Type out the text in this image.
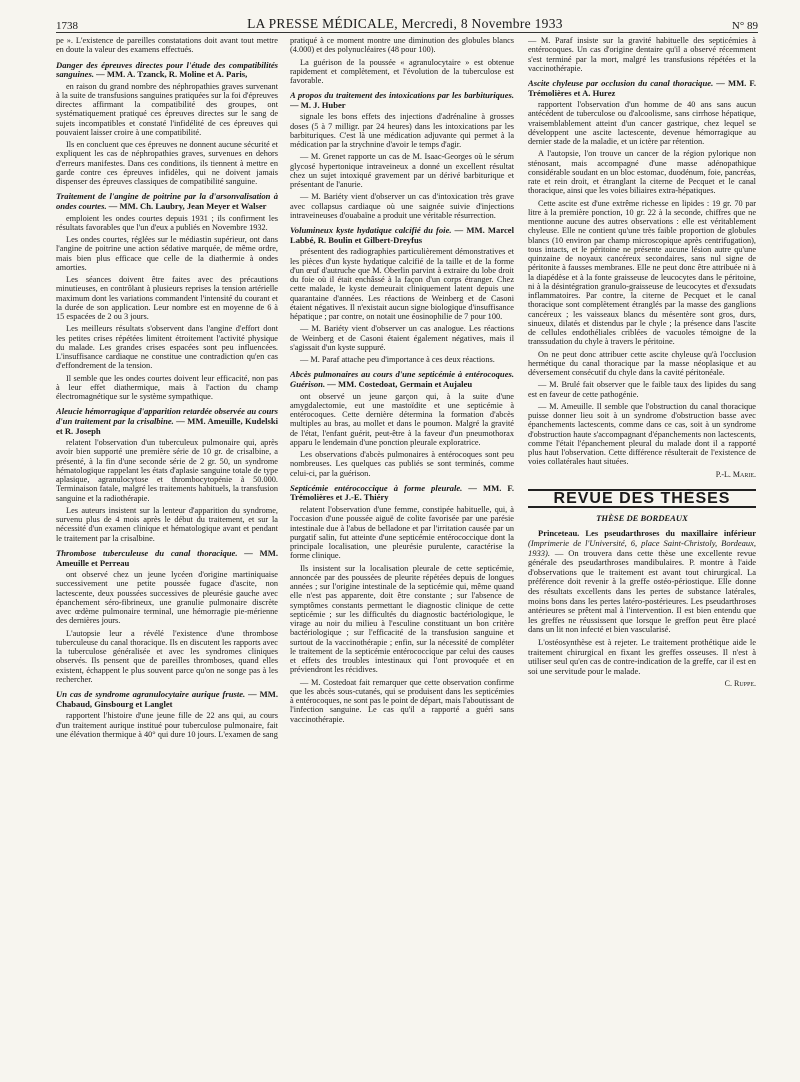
1738	LA PRESSE MÉDICALE, Mercredi, 8 Novembre 1933	N° 89

pe ». L'existence de pareilles constatations doit avant tout mettre en doute la valeur des examens effectués.

Danger des épreuves directes pour l'étude des compatibilités sanguines. — MM. A. Tzanck, R. Moline et A. Paris,

en raison du grand nombre des néphropathies graves survenant à la suite de transfusions sanguines pratiquées sur la foi d'épreuves directes affirmant la compatibilité des groupes, ont systématiquement pratiqué ces épreuves directes sur le sang de sujets incompatibles et constaté l'infidélité de ces épreuves qui pouvaient laisser croire à une compatibilité.

Ils en concluent que ces épreuves ne donnent aucune sécurité et expliquent les cas de néphropathies graves, survenues en dehors d'erreurs manifestes. Dans ces conditions, ils tiennent à mettre en garde contre ces épreuves infidèles, qui ne doivent jamais dispenser des épreuves classiques de compatibilité sanguine.

Traitement de l'angine de poitrine par la d'arsonvalisation à ondes courtes. — MM. Ch. Laubry, Jean Meyer et Walser

emploient les ondes courtes depuis 1931 ; ils confirment les résultats favorables que l'un d'eux a publiés en Novembre 1932.

Les ondes courtes, réglées sur le médiastin supérieur, ont dans l'angine de poitrine une action sédative marquée, de même ordre, mais bien plus efficace que celle de la diathermie à ondes amorties.

Les séances doivent être faites avec des précautions minutieuses, en contrôlant à plusieurs reprises la tension artérielle maximum dont les variations commandent l'intensité du courant et la durée de son application. Leur nombre est en moyenne de 6 à 15 espacées de 2 ou 3 jours.

Les meilleurs résultats s'observent dans l'angine d'effort dont les petites crises répétées limitent étroitement l'activité physique du malade. Les grandes crises espacées sont peu influencées. L'insuffisance cardiaque ne constitue une contradiction qu'en cas d'effondrement de la tension.

Il semble que les ondes courtes doivent leur efficacité, non pas à leur effet diathermique, mais à l'action du champ électromagnétique sur le système sympathique.

Aleucie hémorragique d'apparition retardée observée au cours d'un traitement par la crisalbine. — MM. Ameuille, Kudelski et R. Joseph

relatent l'observation d'un tuberculeux pulmonaire qui, après avoir bien supporté une première série de 10 gr. de crisalbine, a présenté, à la fin d'une seconde série de 2 gr. 50, un syndrome hématologique rappelant les états d'aplasie sanguine totale de type aplasique, agranulocytose et thrombocytopénie à 50.000. Terminaison fatale, malgré les traitements habituels, la transfusion sanguine et la radiothérapie.

Les auteurs insistent sur la lenteur d'apparition du syndrome, survenu plus de 4 mois après le début du traitement, et sur la nécessité d'un examen clinique et hématologique avant et pendant le traitement par la crisalbine.

Thrombose tuberculeuse du canal thoracique. — MM. Ameuille et Perreau

ont observé chez un jeune lycéen d'origine martiniquaise successivement une petite poussée fugace d'ascite, non lactescente, deux poussées successives de pleurésie gauche avec épanchement séro-fibrineux, une granulie pulmonaire discrète avec œdème pulmonaire terminal, une hémorragie pie-mérienne des dernières jours.

L'autopsie leur a révélé l'existence d'une thrombose tuberculeuse du canal thoracique. Ils en discutent les rapports avec la tuberculose généralisée et avec les syndromes cliniques observés. Ils pensent que de pareilles thromboses, quand elles existent, échappent le plus souvent parce qu'on ne songe pas à les rechercher.

Un cas de syndrome agranulocytaire aurique fruste. — MM. Chabaud, Ginsbourg et Langlet

rapportent l'histoire d'une jeune fille de 22 ans qui, au cours d'un traitement aurique institué pour tuberculose pulmonaire, fait une élévation thermique à 40° qui dure 10 jours. L'examen de sang

pratiqué à ce moment montre une diminution des globules blancs (4.000) et des polynucléaires (48 pour 100).

La guérison de la poussée « agranulocytaire » est obtenue rapidement et complètement, et l'évolution de la tuberculose est favorable.

A propos du traitement des intoxications par les barbituriques. — M. J. Huber

signale les bons effets des injections d'adrénaline à grosses doses (5 à 7 milligr. par 24 heures) dans les intoxications par les barbituriques. C'est là une médication adjuvante qui permet à la médication par la strychnine d'avoir le temps d'agir.

— M. Grenet rapporte un cas de M. Isaac-Georges où le sérum glycosé hypertonique intraveineux a donné un excellent résultat chez un sujet intoxiqué gravement par un dérivé barbiturique et présentant de l'anurie.

— M. Bariéty vient d'observer un cas d'intoxication très grave avec collapsus cardiaque où une saignée suivie d'injections intraveineuses d'ouabaïne a produit une véritable résurrection.

Volumineux kyste hydatique calcifié du foie. — MM. Marcel Labbé, R. Boulin et Gilbert-Dreyfus

présentent des radiographies particulièrement démonstratives et les pièces d'un kyste hydatique calcifié de la taille et de la forme d'un œuf d'autruche que M. Oberlin parvint à extraire du lobe droit du foie où il était enchâssé à la façon d'un corps étranger. Chez cette malade, le kyste demeurait cliniquement latent depuis une quarantaine d'années. Les réactions de Weinberg et de Casoni étaient négatives. Il n'existait aucun signe biologique d'insuffisance hépatique ; par contre, on notait une éosinophilie de 7 pour 100.

— M. Bariéty vient d'observer un cas analogue. Les réactions de Weinberg et de Casoni étaient également négatives, mais il s'agissait d'un kyste suppuré.

— M. Paraf attache peu d'importance à ces deux réactions.

Abcès pulmonaires au cours d'une septicémie à entérocoques. Guérison. — MM. Costedoat, Germain et Aujaleu

ont observé un jeune garçon qui, à la suite d'une amygdalectomie, eut une mastoïdite et une septicémie à entérocoques. Cette dernière détermina la formation d'abcès multiples au bras, au mollet et dans le poumon. Malgré la gravité de l'état, l'enfant guérit, peut-être à la faveur d'un pneumothorax apparu le lendemain d'une ponction pleurale exploratrice.

Les observations d'abcès pulmonaires à entérocoques sont peu nombreuses. Les quelques cas publiés se sont terminés, comme celui-ci, par la guérison.

Septicémie entérococcique à forme pleurale. — MM. F. Trémolières et J.-E. Thiéry

relatent l'observation d'une femme, constipée habituelle, qui, à l'occasion d'une poussée aiguë de colite favorisée par une parésie intestinale due à l'abus de belladone et par l'irritation causée par un purgatif salin, fut atteinte d'une septicémie entérococcique dont la principale localisation, une pleurésie purulente, caractérise la forme clinique.

Ils insistent sur la localisation pleurale de cette septicémie, annoncée par des poussées de pleurite répétées depuis de longues années ; sur l'origine intestinale de la septicémie qui, même quand elle n'est pas apparente, doit être constante ; sur l'absence de symptômes constants permettant le diagnostic clinique de cette septicémie ; sur les difficultés du diagnostic bactériologique, le virage au noir du milieu à l'esculine constituant un bon critère bactériologique ; sur l'efficacité de la transfusion sanguine et surtout de la vaccinothérapie ; enfin, sur la nécessité de compléter le traitement de la septicémie entérococcique par celui des causes et effets des troubles intestinaux qui l'ont provoquée et en préviendront les récidives.

— M. Costedoat fait remarquer que cette observation confirme que les abcès sous-cutanés, qui se produisent dans les septicémies à entérocoques, ne sont pas le point de départ, mais l'aboutissant de l'infection sanguine. Le cas qu'il a rapporté a guéri sans vaccinothérapie.

— M. Paraf insiste sur la gravité habituelle des septicémies à entérocoques. Un cas d'origine dentaire qu'il a observé récemment s'est terminé par la mort, malgré les transfusions répétées et la vaccinothérapie.

Ascite chyleuse par occlusion du canal thoracique. — MM. F. Trémolières et A. Hurez

rapportent l'observation d'un homme de 40 ans sans aucun antécédent de tuberculose ou d'alcoolisme, sans cirrhose hépatique, vraisemblablement atteint d'un cancer gastrique, chez lequel se développent une ascite lactescente, devenue hémorragique au dernier stade de la maladie, et un ictère par rétention.

A l'autopsie, l'on trouve un cancer de la région pylorique non sténosant, mais accompagné d'une masse adénopathique considérable soudant en un bloc estomac, duodénum, foie, pancréas, rate et rein droit, et étranglant la citerne de Pecquet et le canal thoracique, ainsi que les voies biliaires extra-hépatiques.

Cette ascite est d'une extrême richesse en lipides : 19 gr. 70 par litre à la première ponction, 10 gr. 22 à la seconde, chiffres que ne mentionne aucune des autres observations : elle est véritablement chyleuse. Elle ne contient qu'une très faible proportion de globules blancs (10 environ par champ microscopique après centrifugation), tous intacts, et le péritoine ne présente aucune lésion autre qu'une quinzaine de noyaux cancéreux secondaires, sans nul signe de péritonite à fausses membranes. Elle ne peut donc être attribuée ni à la diapédèse et à la fonte graisseuse de leucocytes dans le péritoine, ni à la désintégration granulo-graisseuse de leucocytes et d'exsudats inflammatoires. Par contre, la citerne de Pecquet et le canal thoracique sont complètement étranglés par la masse des ganglions cancéreux ; les vaisseaux blancs du mésentère sont gros, durs, sinueux, dilatés et distendus par le chyle ; la présence dans l'ascite de cellules endothéliales criblées de vacuoles témoigne de la transsudation du chyle à travers le péritoine.

On ne peut donc attribuer cette ascite chyleuse qu'à l'occlusion hermétique du canal thoracique par la masse néoplasique et au déversement consécutif du chyle dans la cavité péritonéale.

— M. Brulé fait observer que le faible taux des lipides du sang est en faveur de cette pathogénie.

— M. Ameuille. Il semble que l'obstruction du canal thoracique puisse donner lieu soit à un syndrome d'obstruction basse avec épanchements lactescents, comme dans ce cas, soit à un syndrome d'obstruction haute s'accompagnant d'épanchements non lactescents, comme l'était l'épanchement pleural du malade dont il a rapporté plus haut l'observation. Cette différence résulterait de l'existence de voies collatérales haut situées.

P.-L. Marie.
REVUE DES THÈSES
THÈSE DE BORDEAUX

Princeteau. Les pseudarthroses du maxillaire inférieur (Imprimerie de l'Université, 6, place Saint-Christoly, Bordeaux, 1933). — On trouvera dans cette thèse une excellente revue générale des pseudarthroses mandibulaires. P. montre à l'aide d'observations que le traitement est avant tout chirurgical. La préférence doit revenir à la greffe ostéo-périostique. Elle donne des résultats excellents dans les pertes de substance latérales, moins bons dans les pertes latéro-postérieures. Les pseudarthroses antérieures se prêtent mal à l'intervention. Il est bien entendu que les greffes ne réussissent que lorsque le greffon peut être placé dans un lit non infecté et bien vascularisé.

L'ostéosynthèse est à rejeter. Le traitement prothétique aide le traitement chirurgical en fixant les greffes osseuses. Il n'est à utiliser seul qu'en cas de contre-indication de la greffe, car il est en soi une servitude pour le malade.

C. Ruppe.
